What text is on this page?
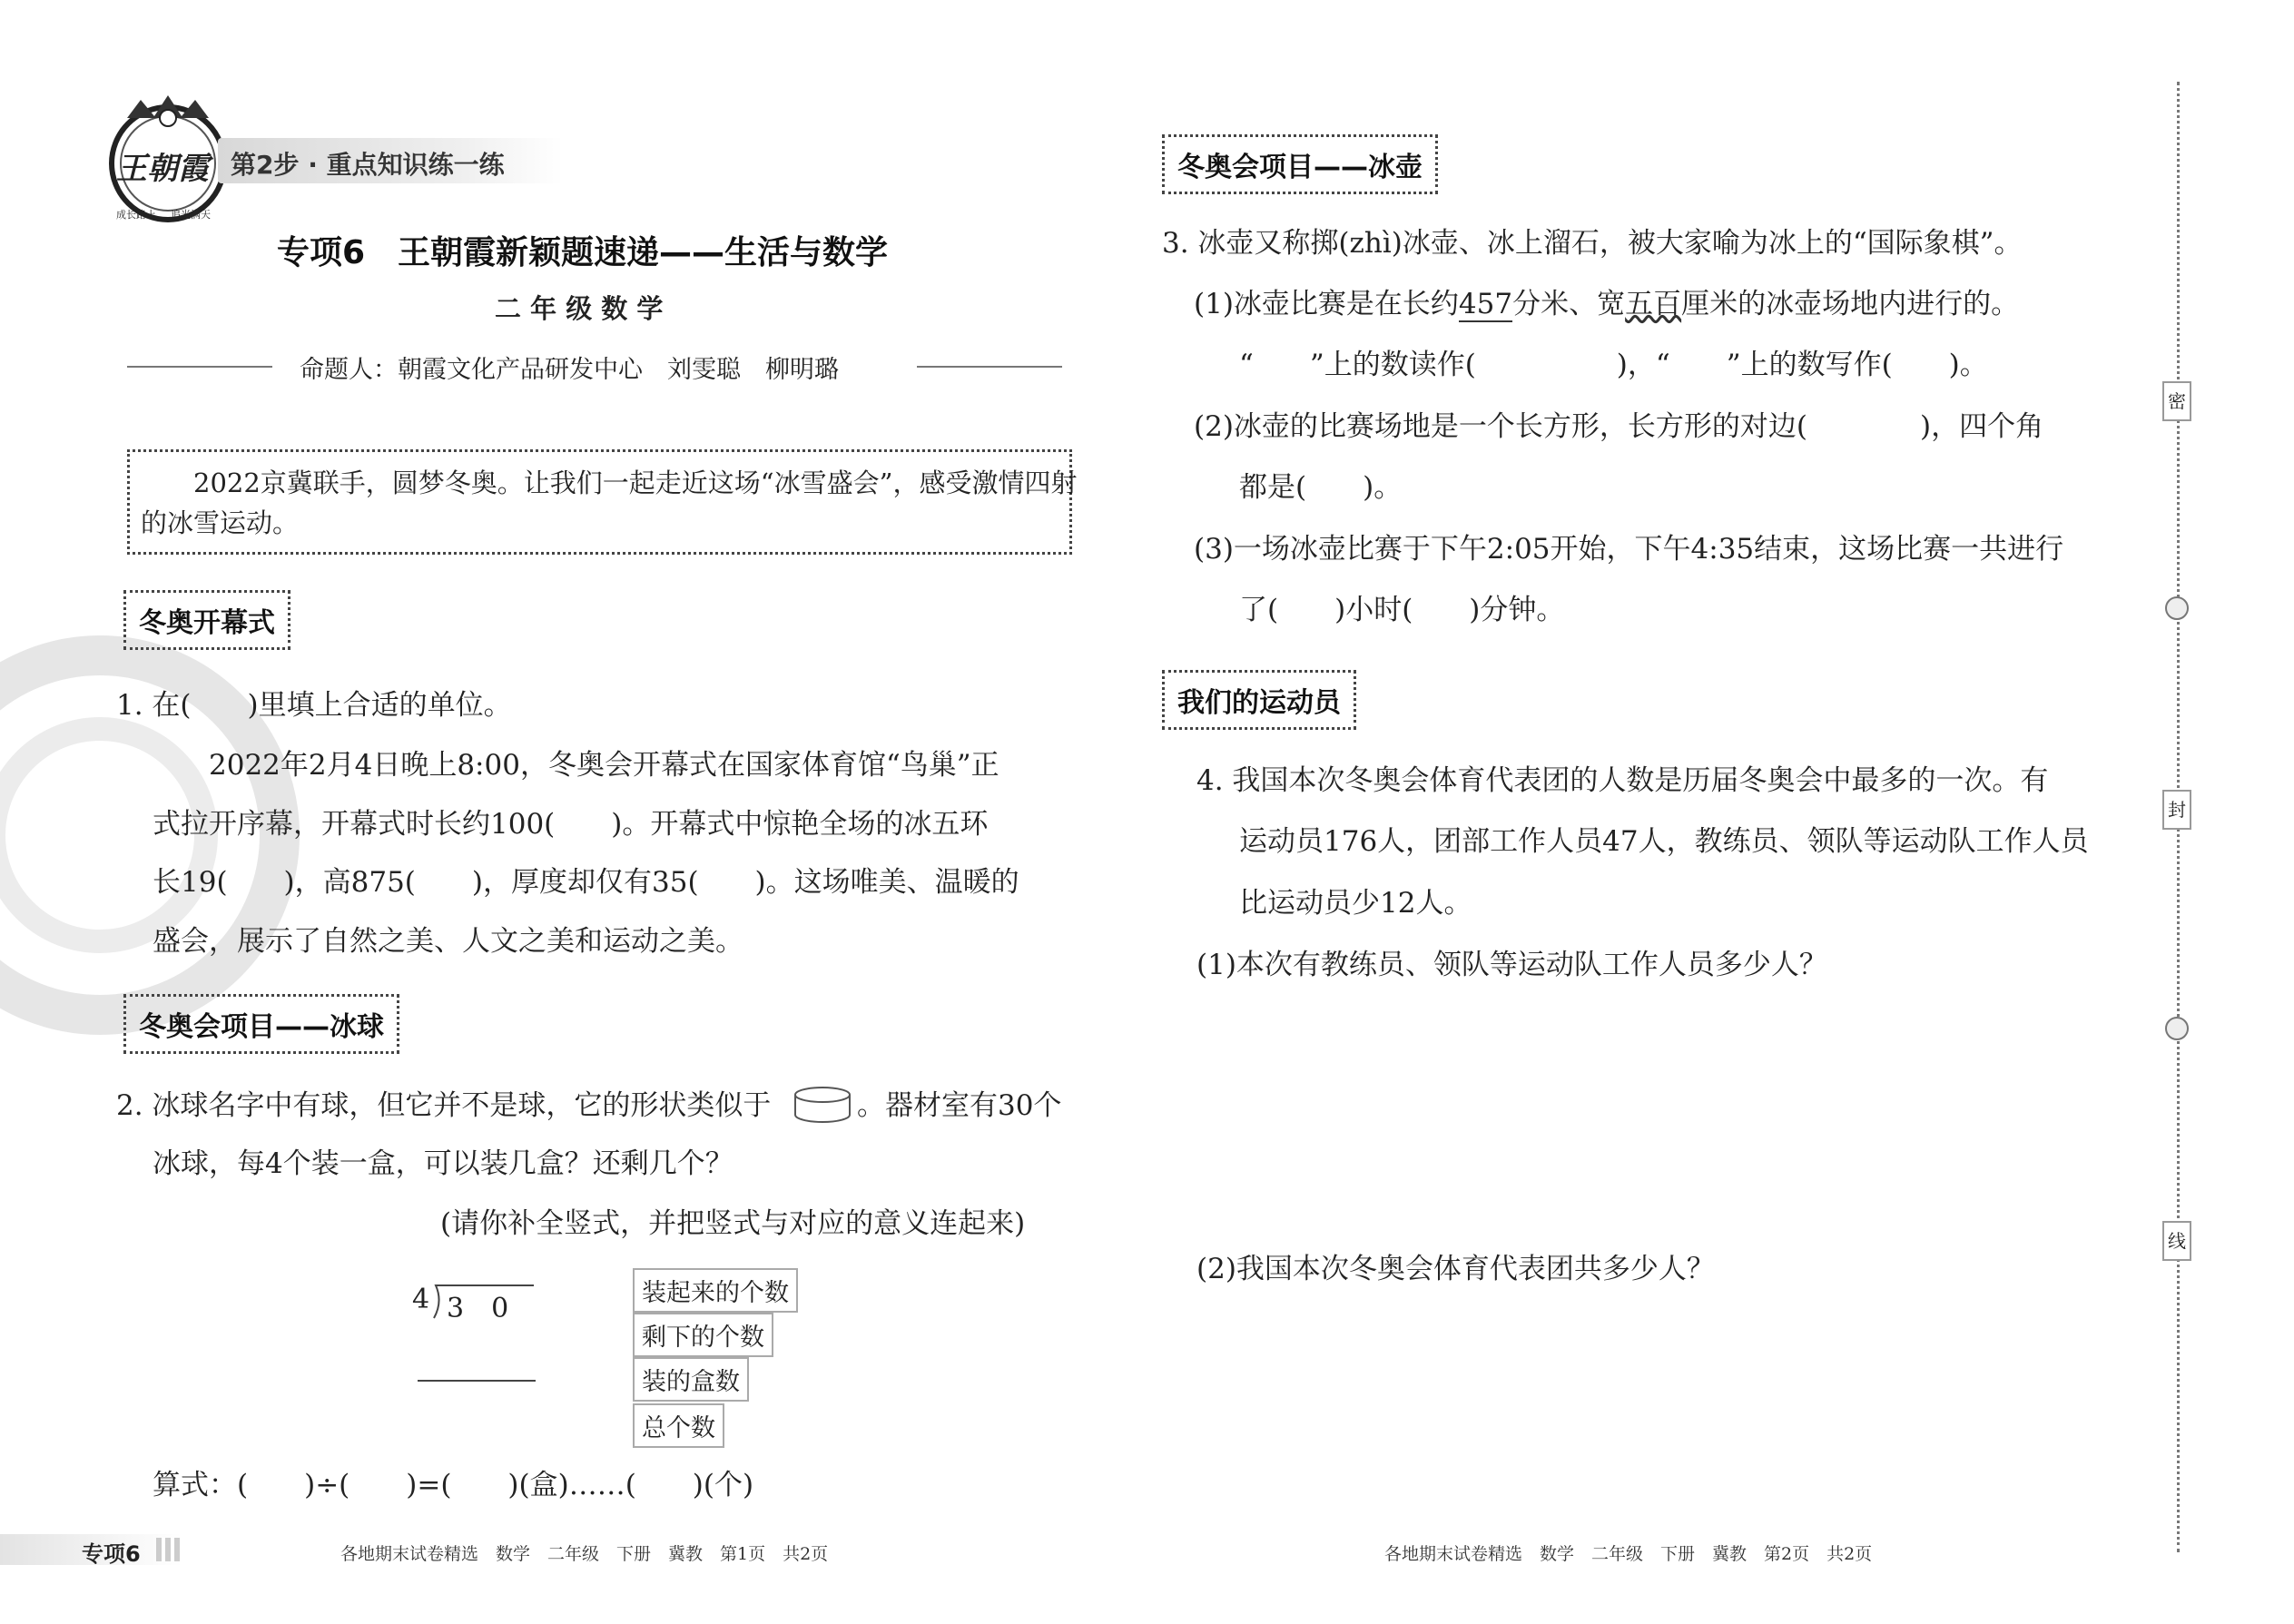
王朝霞
成长路上 追光满天
第2步 · 重点知识练一练
专项6　王朝霞新颖题速递——生活与数学
二 年 级 数 学
命题人：朝霞文化产品研发中心　刘雯聪　柳明璐
　　2022京冀联手，圆梦冬奥。让我们一起走近这场“冰雪盛会”，感受激情四射
的冰雪运动。
冬奥开幕式
1. 在(　　)里填上合适的单位。
　　2022年2月4日晚上8:00，冬奥会开幕式在国家体育馆“鸟巢”正
式拉开序幕，开幕式时长约100(　　)。开幕式中惊艳全场的冰五环
长19(　　)，高875(　　)，厚度却仅有35(　　)。这场唯美、温暖的
盛会，展示了自然之美、人文之美和运动之美。
冬奥会项目——冰球
2. 冰球名字中有球，但它并不是球，它的形状类似于	。器材室有30个
冰球，每4个装一盒，可以装几盒？还剩几个？
(请你补全竖式，并把竖式与对应的意义连起来)
4 3　0	装起来的个数
剩下的个数
装的盒数
总个数
算式：(　　)÷(　　)=(　　)(盒)……(　　)(个)
冬奥会项目——冰壶
3. 冰壶又称掷(zhì)冰壶、冰上溜石，被大家喻为冰上的“国际象棋”。
(1)冰壶比赛是在长约457分米、宽五百厘米的冰壶场地内进行的。
“　　”上的数读作(　　　　　)，“　　”上的数写作(　　)。
(2)冰壶的比赛场地是一个长方形，长方形的对边(　　　　)，四个角
都是(　　)。
(3)一场冰壶比赛于下午2:05开始，下午4:35结束，这场比赛一共进行
了(　　)小时(　　)分钟。
我们的运动员
4. 我国本次冬奥会体育代表团的人数是历届冬奥会中最多的一次。有
运动员176人，团部工作人员47人，教练员、领队等运动队工作人员
比运动员少12人。
(1)本次有教练员、领队等运动队工作人员多少人？
(2)我国本次冬奥会体育代表团共多少人？
密
封
线
专项6	各地期末试卷精选　数学　二年级　下册　冀教　第1页　共2页	各地期末试卷精选　数学　二年级　下册　冀教　第2页　共2页
